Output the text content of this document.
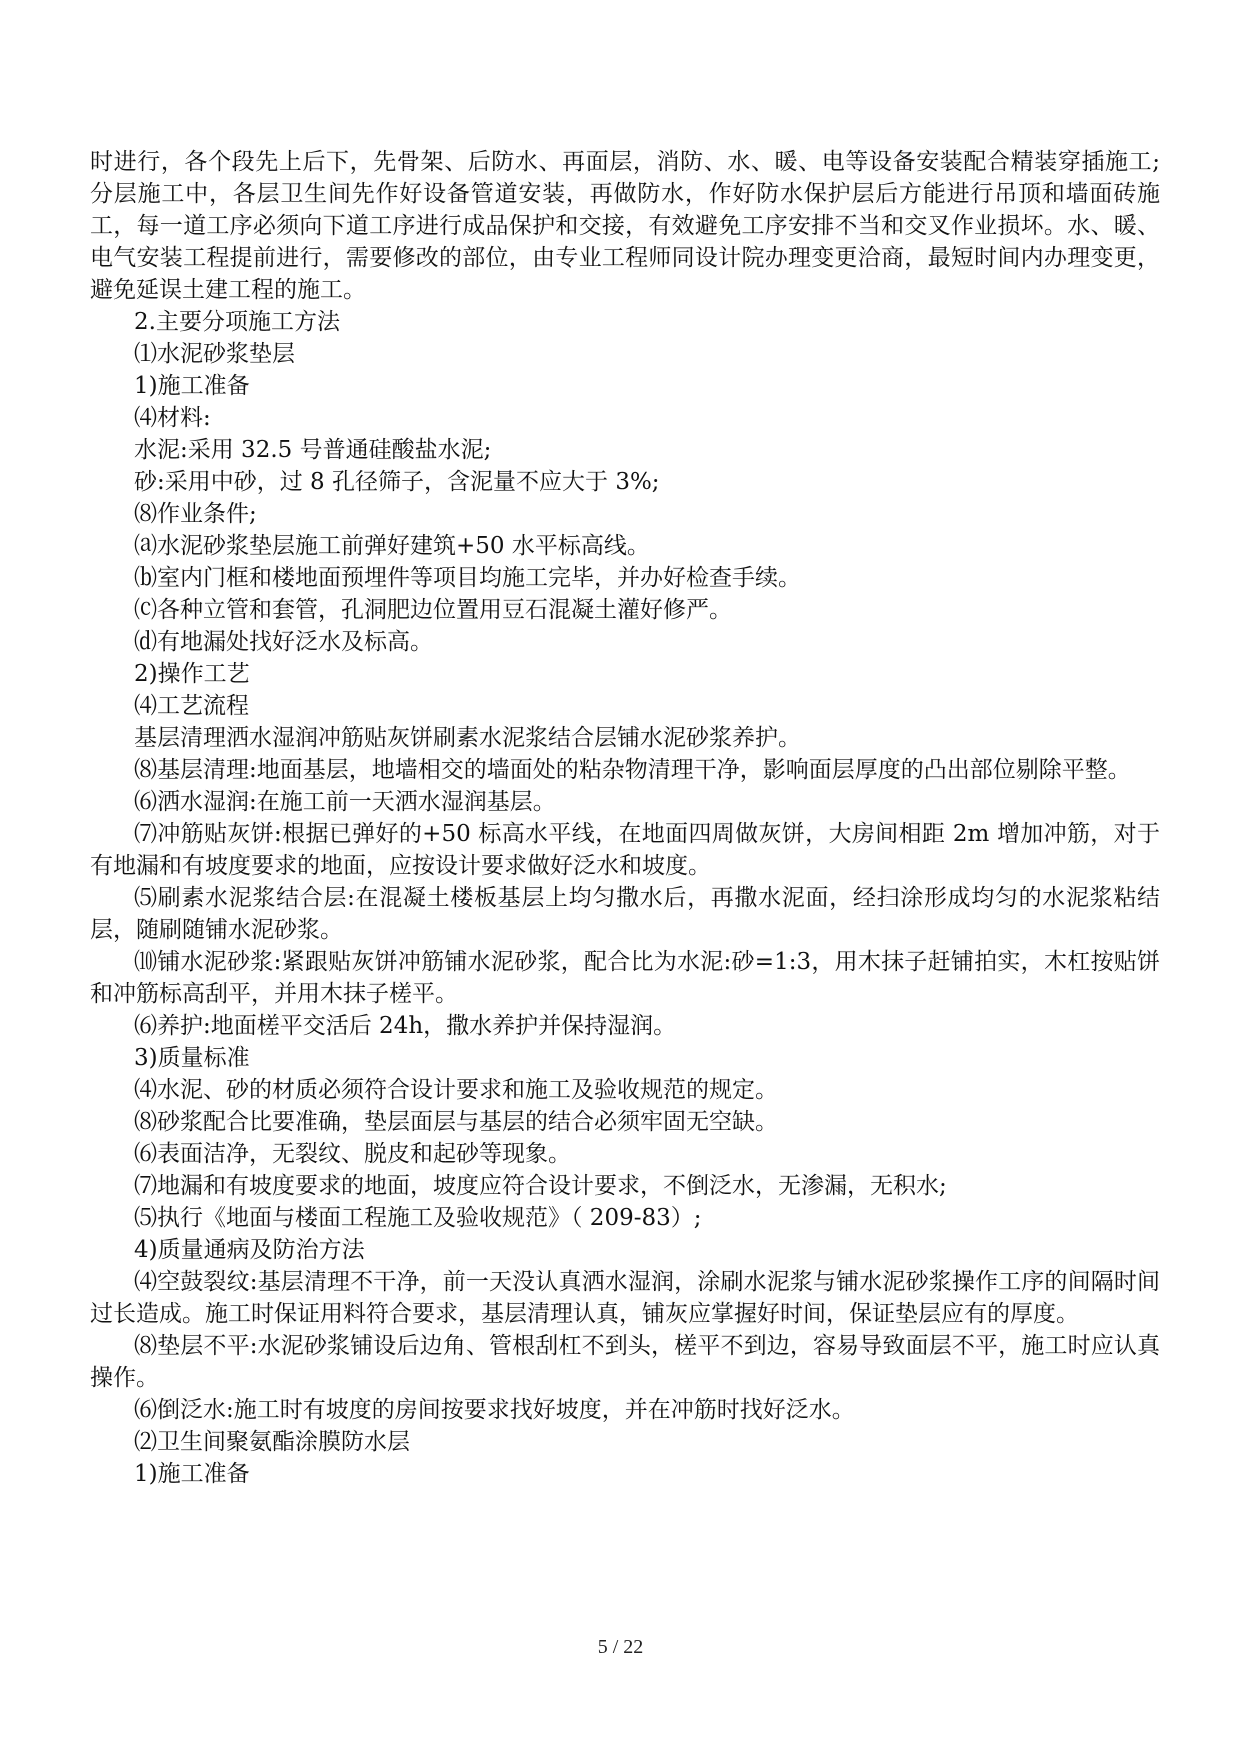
时进行，各个段先上后下，先骨架、后防水、再面层，消防、水、暖、电等设备安装配合精装穿插施工; 分层施工中，各层卫生间先作好设备管道安装，再做防水，作好防水保护层后方能进行吊顶和墙面砖施工，每一道工序必须向下道工序进行成品保护和交接，有效避免工序安排不当和交叉作业损坏。水、暖、电气安装工程提前进行，需要修改的部位，由专业工程师同设计院办理变更洽商，最短时间内办理变更，避免延误土建工程的施工。

2.主要分项施工方法

⑴水泥砂浆垫层

1)施工准备

⑷材料:

水泥:采用 32.5 号普通硅酸盐水泥;

砂:采用中砂，过 8 孔径筛子，含泥量不应大于 3%;

⑻作业条件;

⒜水泥砂浆垫层施工前弹好建筑+50 水平标高线。

⒝室内门框和楼地面预埋件等项目均施工完毕，并办好检查手续。

⒞各种立管和套管，孔洞肥边位置用豆石混凝土灌好修严。

⒟有地漏处找好泛水及标高。

2)操作工艺

⑷工艺流程

基层清理洒水湿润冲筋贴灰饼刷素水泥浆结合层铺水泥砂浆养护。

⑻基层清理:地面基层，地墙相交的墙面处的粘杂物清理干净，影响面层厚度的凸出部位剔除平整。

⑹洒水湿润:在施工前一天洒水湿润基层。

⑺冲筋贴灰饼:根据已弹好的+50 标高水平线，在地面四周做灰饼，大房间相距 2m 增加冲筋，对于有地漏和有坡度要求的地面，应按设计要求做好泛水和坡度。

⑸刷素水泥浆结合层:在混凝土楼板基层上均匀撒水后，再撒水泥面，经扫涂形成均匀的水泥浆粘结层，随刷随铺水泥砂浆。

⑽铺水泥砂浆:紧跟贴灰饼冲筋铺水泥砂浆，配合比为水泥:砂=1:3，用木抹子赶铺拍实，木杠按贴饼和冲筋标高刮平，并用木抹子槎平。

⑹养护:地面槎平交活后 24h，撒水养护并保持湿润。

3)质量标准

⑷水泥、砂的材质必须符合设计要求和施工及验收规范的规定。

⑻砂浆配合比要准确，垫层面层与基层的结合必须牢固无空缺。

⑹表面洁净，无裂纹、脱皮和起砂等现象。

⑺地漏和有坡度要求的地面，坡度应符合设计要求，不倒泛水，无渗漏，无积水;

⑸执行《地面与楼面工程施工及验收规范》（ 209-83）;

4)质量通病及防治方法

⑷空鼓裂纹:基层清理不干净，前一天没认真洒水湿润，涂刷水泥浆与铺水泥砂浆操作工序的间隔时间过长造成。施工时保证用料符合要求，基层清理认真，铺灰应掌握好时间，保证垫层应有的厚度。

⑻垫层不平:水泥砂浆铺设后边角、管根刮杠不到头，槎平不到边，容易导致面层不平，施工时应认真操作。

⑹倒泛水:施工时有坡度的房间按要求找好坡度，并在冲筋时找好泛水。

⑵卫生间聚氨酯涂膜防水层

1)施工准备

5 / 22
